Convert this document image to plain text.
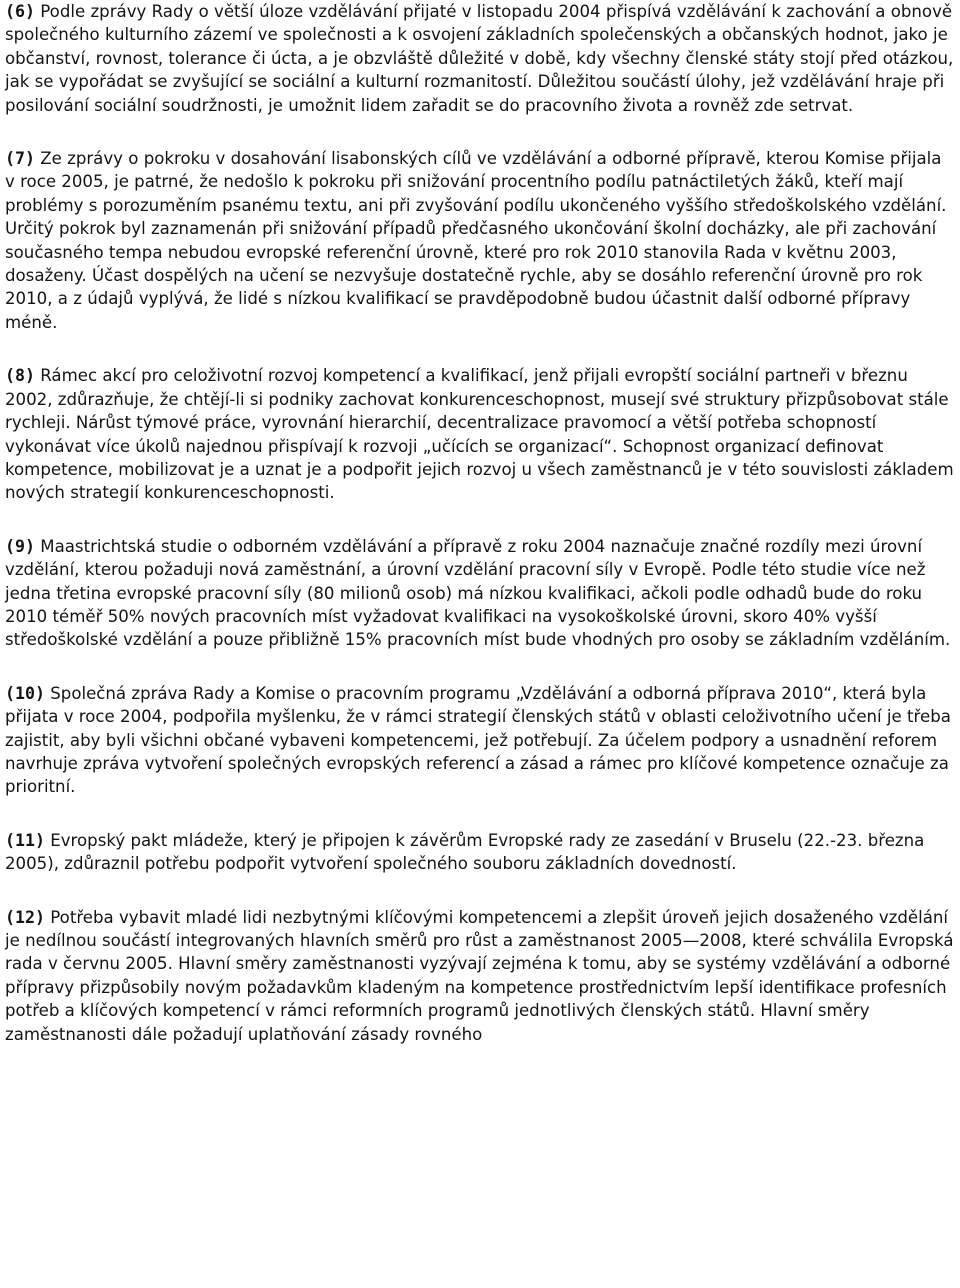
(6) Podle zprávy Rady o větší úloze vzdělávání přijaté v listopadu 2004 přispívá vzdělávání k zachování a obnově společného kulturního zázemí ve společnosti a k osvojení základních společenských a občanských hodnot, jako je občanství, rovnost, tolerance či úcta, a je obzvláště důležité v době, kdy všechny členské státy stojí před otázkou, jak se vypořádat se zvyšující se sociální a kulturní rozmanitostí. Důležitou součástí úlohy, jež vzdělávání hraje při posilování sociální soudržnosti, je umožnit lidem zařadit se do pracovního života a rovněž zde setrvat.

(7) Ze zprávy o pokroku v dosahování lisabonských cílů ve vzdělávání a odborné přípravě, kterou Komise přijala v roce 2005, je patrné, že nedošlo k pokroku při snižování procentního podílu patnáctiletých žáků, kteří mají problémy s porozuměním psanému textu, ani při zvyšování podílu ukončeného vyššího středoškolského vzdělání. Určitý pokrok byl zaznamenán při snižování případů předčasného ukončování školní docházky, ale při zachování současného tempa nebudou evropské referenční úrovně, které pro rok 2010 stanovila Rada v květnu 2003, dosaženy. Účast dospělých na učení se nezvyšuje dostatečně rychle, aby se dosáhlo referenční úrovně pro rok 2010, a z údajů vyplývá, že lidé s nízkou kvalifikací se pravděpodobně budou účastnit další odborné přípravy méně.

(8) Rámec akcí pro celoživotní rozvoj kompetencí a kvalifikací, jenž přijali evropští sociální partneři v březnu 2002, zdůrazňuje, že chtějí-li si podniky zachovat konkurenceschopnost, musejí své struktury přizpůsobovat stále rychleji. Nárůst týmové práce, vyrovnání hierarchií, decentralizace pravomocí a větší potřeba schopností vykonávat více úkolů najednou přispívají k rozvoji „učících se organizací“. Schopnost organizací definovat kompetence, mobilizovat je a uznat je a podpořit jejich rozvoj u všech zaměstnanců je v této souvislosti základem nových strategií konkurenceschopnosti.

(9) Maastrichtská studie o odborném vzdělávání a přípravě z roku 2004 naznačuje značné rozdíly mezi úrovní vzdělání, kterou požaduji nová zaměstnání, a úrovní vzdělání pracovní síly v Evropě. Podle této studie více než jedna třetina evropské pracovní síly (80 milionů osob) má nízkou kvalifikaci, ačkoli podle odhadů bude do roku 2010 téměř 50% nových pracovních míst vyžadovat kvalifikaci na vysokoškolské úrovni, skoro 40% vyšší středoškolské vzdělání a pouze přibližně 15% pracovních míst bude vhodných pro osoby se základním vzděláním.

(10) Společná zpráva Rady a Komise o pracovním programu „Vzdělávání a odborná příprava 2010“, která byla přijata v roce 2004, podpořila myšlenku, že v rámci strategií členských států v oblasti celoživotního učení je třeba zajistit, aby byli všichni občané vybaveni kompetencemi, jež potřebují. Za účelem podpory a usnadnění reforem navrhuje zpráva vytvoření společných evropských referencí a zásad a rámec pro klíčové kompetence označuje za prioritní.

(11) Evropský pakt mládeže, který je připojen k závěrům Evropské rady ze zasedání v Bruselu (22.-23. března 2005), zdůraznil potřebu podpořit vytvoření společného souboru základních dovedností.

(12) Potřeba vybavit mladé lidi nezbytnými klíčovými kompetencemi a zlepšit úroveň jejich dosaženého vzdělání je nedílnou součástí integrovaných hlavních směrů pro růst a zaměstnanost 2005—2008, které schválila Evropská rada v červnu 2005. Hlavní směry zaměstnanosti vyzývají zejména k tomu, aby se systémy vzdělávání a odborné přípravy přizpůsobily novým požadavkům kladeným na kompetence prostřednictvím lepší identifikace profesních potřeb a klíčových kompetencí v rámci reformních programů jednotlivých členských států. Hlavní směry zaměstnanosti dále požadují uplatňování zásady rovného
